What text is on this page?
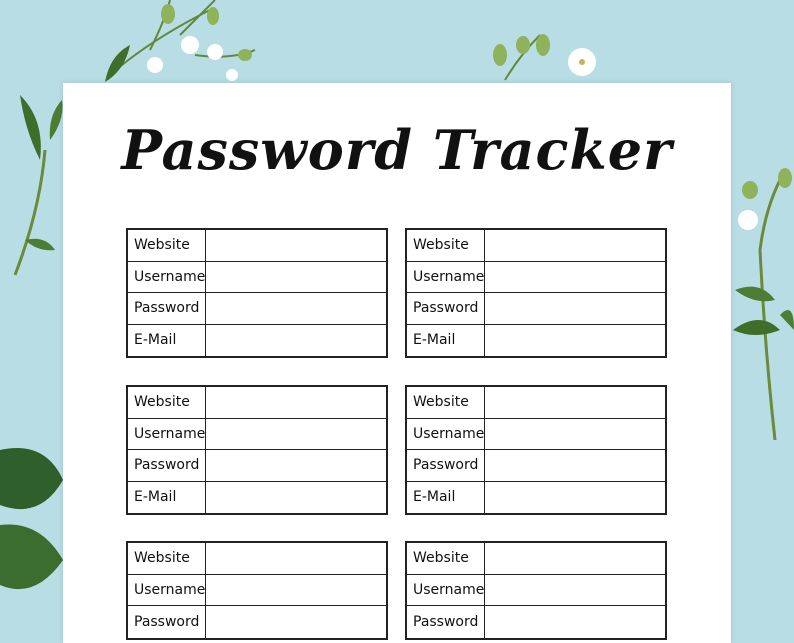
Password Tracker
Website
Username
Password
E-Mail
Website
Username
Password
E-Mail
Website
Username
Password
E-Mail
Website
Username
Password
E-Mail
Website
Username
Password
Website
Username
Password
